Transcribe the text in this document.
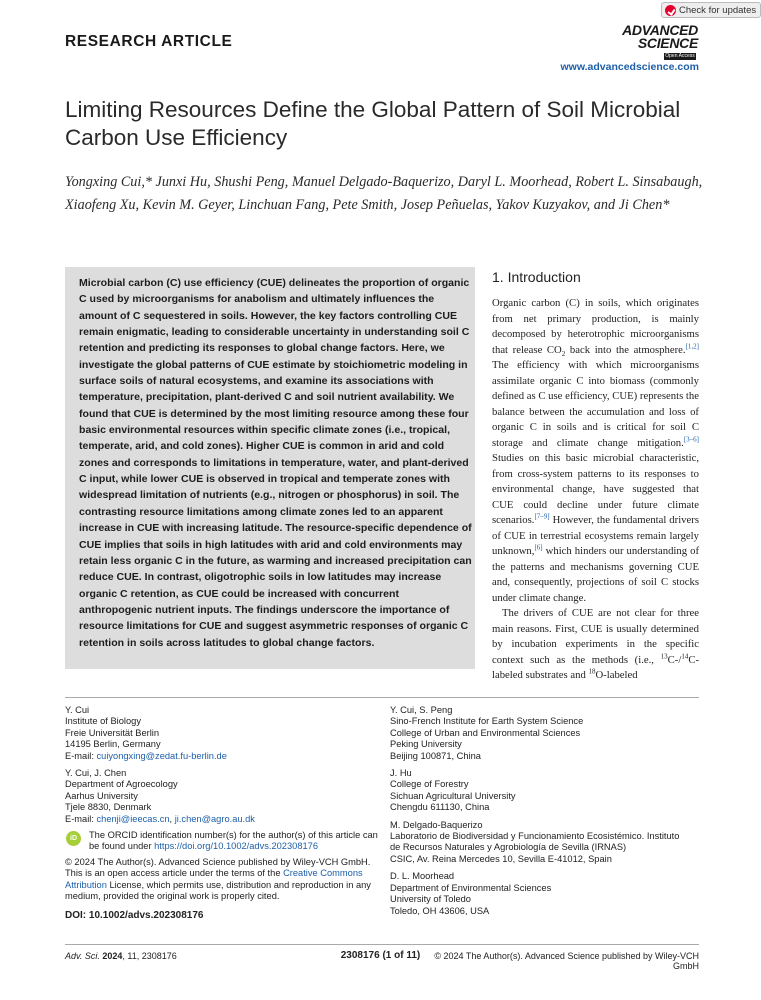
Check for updates
RESEARCH ARTICLE
ADVANCED
SCIENCE
Open Access
www.advancedscience.com
Limiting Resources Define the Global Pattern of Soil Microbial Carbon Use Efficiency
Yongxing Cui,* Junxi Hu, Shushi Peng, Manuel Delgado-Baquerizo, Daryl L. Moorhead, Robert L. Sinsabaugh, Xiaofeng Xu, Kevin M. Geyer, Linchuan Fang, Pete Smith, Josep Peñuelas, Yakov Kuzyakov, and Ji Chen*
Microbial carbon (C) use efficiency (CUE) delineates the proportion of organic C used by microorganisms for anabolism and ultimately influences the amount of C sequestered in soils. However, the key factors controlling CUE remain enigmatic, leading to considerable uncertainty in understanding soil C retention and predicting its responses to global change factors. Here, we investigate the global patterns of CUE estimate by stoichiometric modeling in surface soils of natural ecosystems, and examine its associations with temperature, precipitation, plant-derived C and soil nutrient availability. We found that CUE is determined by the most limiting resource among these four basic environmental resources within specific climate zones (i.e., tropical, temperate, arid, and cold zones). Higher CUE is common in arid and cold zones and corresponds to limitations in temperature, water, and plant-derived C input, while lower CUE is observed in tropical and temperate zones with widespread limitation of nutrients (e.g., nitrogen or phosphorus) in soil. The contrasting resource limitations among climate zones led to an apparent increase in CUE with increasing latitude. The resource-specific dependence of CUE implies that soils in high latitudes with arid and cold environments may retain less organic C in the future, as warming and increased precipitation can reduce CUE. In contrast, oligotrophic soils in low latitudes may increase organic C retention, as CUE could be increased with concurrent anthropogenic nutrient inputs. The findings underscore the importance of resource limitations for CUE and suggest asymmetric responses of organic C retention in soils across latitudes to global change factors.
1. Introduction

Organic carbon (C) in soils, which originates from net primary production, is mainly decomposed by heterotrophic microorganisms that release $CO_2$ back into the atmosphere.[1,2] The efficiency with which microorganisms assimilate organic C into biomass (commonly defined as C use efficiency, CUE) represents the balance between the accumulation and loss of organic C in soils and is critical for soil C storage and climate change mitigation.[3–6] Studies on this basic microbial characteristic, from cross-system patterns to its responses to environmental change, have suggested that CUE could decline under future climate scenarios.[7–9] However, the fundamental drivers of CUE in terrestrial ecosystems remain largely unknown,[6] which hinders our understanding of the patterns and mechanisms governing CUE and, consequently, projections of soil C stocks under climate change.

The drivers of CUE are not clear for three main reasons. First, CUE is usually determined by incubation experiments in the specific context such as the methods (i.e., $^{13}$C-/$^{14}$C-labeled substrates and $^{18}$O-labeled

Y. Cui
Institute of Biology
Freie Universität Berlin
14195 Berlin, Germany
E-mail: cuiyongxing@zedat.fu-berlin.de
Y. Cui, J. Chen
Department of Agroecology
Aarhus University
Tjele 8830, Denmark
E-mail: chenji@ieecas.cn, ji.chen@agro.au.dk
iD	The ORCID identification number(s) for the author(s) of this article can be found under https://doi.org/10.1002/advs.202308176
© 2024 The Author(s). Advanced Science published by Wiley-VCH GmbH. This is an open access article under the terms of the Creative Commons Attribution License, which permits use, distribution and reproduction in any medium, provided the original work is properly cited.
DOI: 10.1002/advs.202308176
Y. Cui, S. Peng
Sino-French Institute for Earth System Science
College of Urban and Environmental Sciences
Peking University
Beijing 100871, China
J. Hu
College of Forestry
Sichuan Agricultural University
Chengdu 611130, China
M. Delgado-Baquerizo
Laboratorio de Biodiversidad y Funcionamiento Ecosistémico. Instituto
de Recursos Naturales y Agrobiología de Sevilla (IRNAS)
CSIC, Av. Reina Mercedes 10, Sevilla E-41012, Spain
D. L. Moorhead
Department of Environmental Sciences
University of Toledo
Toledo, OH 43606, USA
Adv. Sci. 2024, 11, 2308176	2308176 (1 of 11)	© 2024 The Author(s). Advanced Science published by Wiley-VCH GmbH
